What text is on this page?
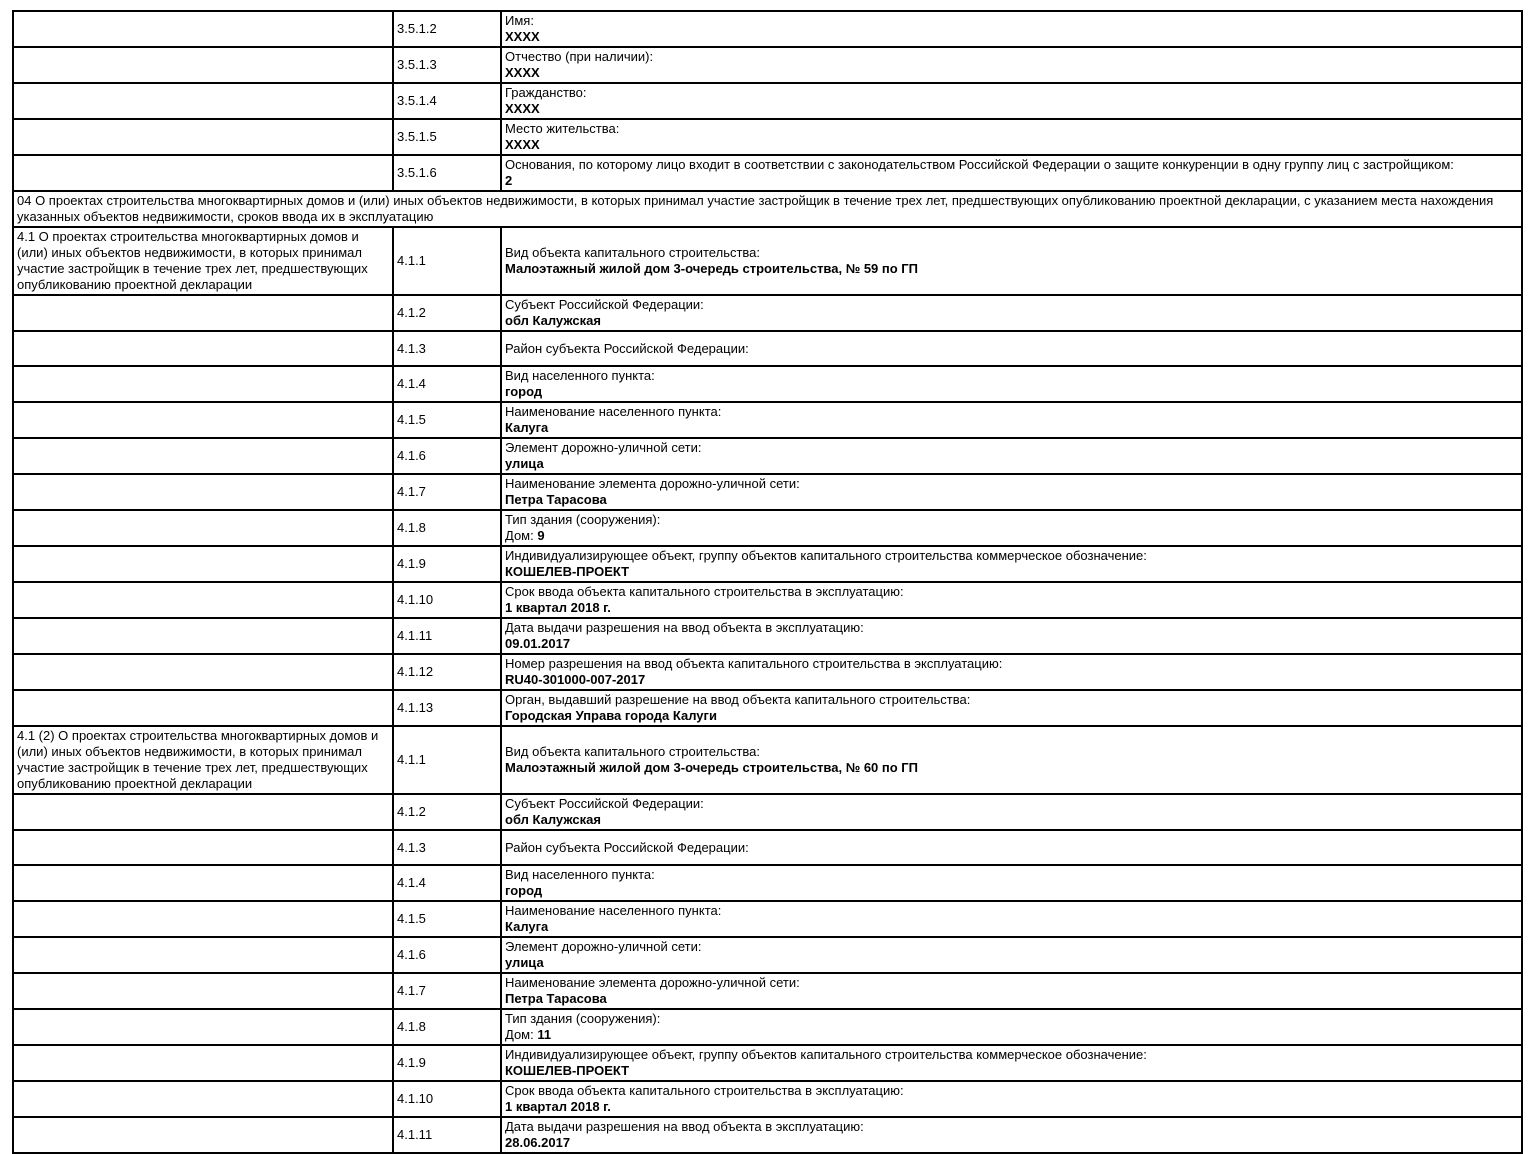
	3.5.1.2	Имя:
XXXX

	3.5.1.3	Отчество (при наличии):
XXXX

	3.5.1.4	Гражданство:
XXXX

	3.5.1.5	Место жительства:
XXXX

	3.5.1.6	Основания, по которому лицо входит в соответствии с законодательством Российской Федерации о защите конкуренции в одну группу лиц с застройщиком:
2

04 О проектах строительства многоквартирных домов и (или) иных объектов недвижимости, в которых принимал участие застройщик в течение трех лет, предшествующих опубликованию проектной декларации, с указанием места нахождения указанных объектов недвижимости, сроков ввода их в эксплуатацию		
4.1 О проектах строительства многоквартирных домов и (или) иных объектов недвижимости, в которых принимал участие застройщик в течение трех лет, предшествующих опубликованию проектной декларации	4.1.1	Вид объекта капитального строительства:
Малоэтажный жилой дом 3-очередь строительства, № 59 по ГП

	4.1.2	Субъект Российской Федерации:
обл Калужская

	4.1.3	Район субъекта Российской Федерации:

	4.1.4	Вид населенного пункта:
город

	4.1.5	Наименование населенного пункта:
Калуга

	4.1.6	Элемент дорожно-уличной сети:
улица

	4.1.7	Наименование элемента дорожно-уличной сети:
Петра Тарасова

	4.1.8	Тип здания (сооружения):
Дом: 9

	4.1.9	Индивидуализирующее объект, группу объектов капитального строительства коммерческое обозначение:
КОШЕЛЕВ-ПРОЕКТ

	4.1.10	Срок ввода объекта капитального строительства в эксплуатацию:
1 квартал 2018 г.

	4.1.11	Дата выдачи разрешения на ввод объекта в эксплуатацию:
09.01.2017

	4.1.12	Номер разрешения на ввод объекта капитального строительства в эксплуатацию:
RU40-301000-007-2017

	4.1.13	Орган, выдавший разрешение на ввод объекта капитального строительства:
Городская Управа города Калуги

4.1 (2) О проектах строительства многоквартирных домов и (или) иных объектов недвижимости, в которых принимал участие застройщик в течение трех лет, предшествующих опубликованию проектной декларации	4.1.1	Вид объекта капитального строительства:
Малоэтажный жилой дом 3-очередь строительства, № 60 по ГП

	4.1.2	Субъект Российской Федерации:
обл Калужская

	4.1.3	Район субъекта Российской Федерации:

	4.1.4	Вид населенного пункта:
город

	4.1.5	Наименование населенного пункта:
Калуга

	4.1.6	Элемент дорожно-уличной сети:
улица

	4.1.7	Наименование элемента дорожно-уличной сети:
Петра Тарасова

	4.1.8	Тип здания (сооружения):
Дом: 11

	4.1.9	Индивидуализирующее объект, группу объектов капитального строительства коммерческое обозначение:
КОШЕЛЕВ-ПРОЕКТ

	4.1.10	Срок ввода объекта капитального строительства в эксплуатацию:
1 квартал 2018 г.

	4.1.11	Дата выдачи разрешения на ввод объекта в эксплуатацию:
28.06.2017
